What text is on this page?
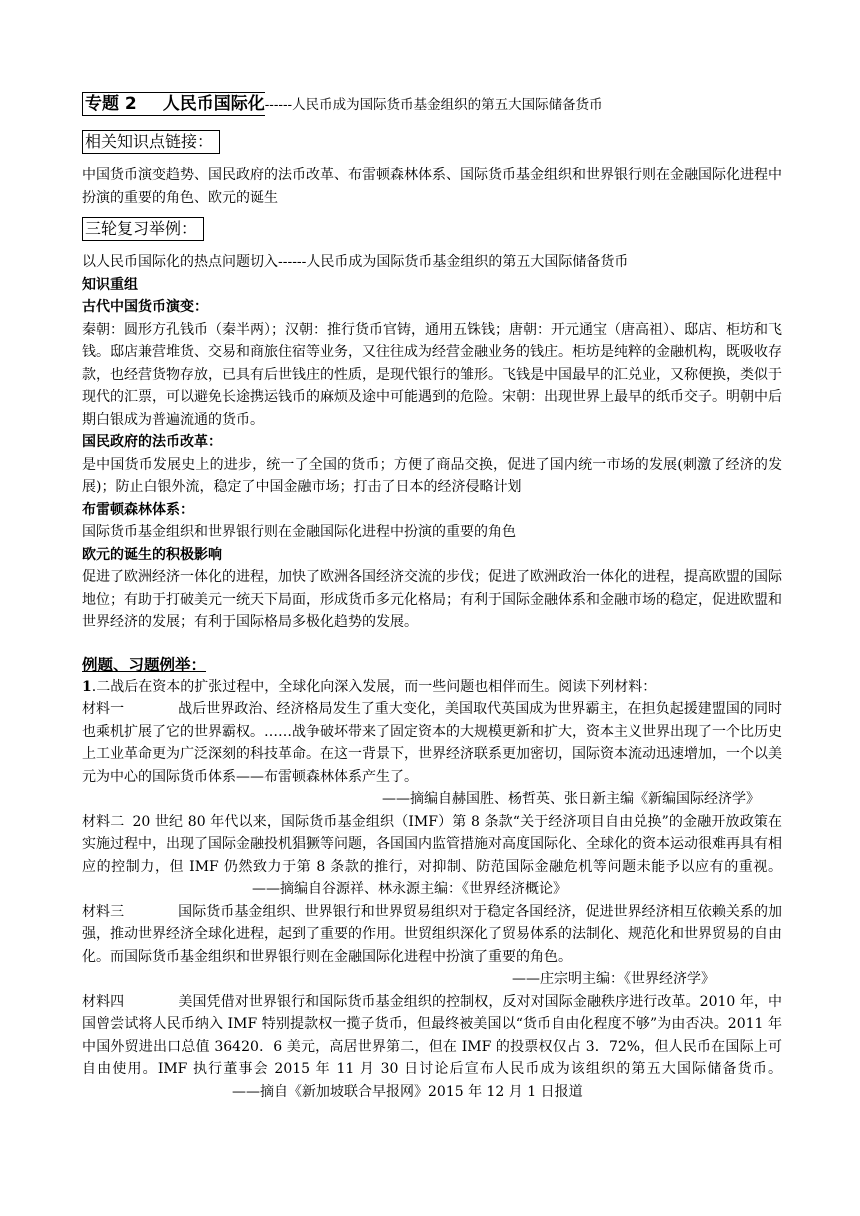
专题 2 人民币国际化------人民币成为国际货币基金组织的第五大国际储备货币
相关知识点链接：

中国货币演变趋势、国民政府的法币改革、布雷顿森林体系、国际货币基金组织和世界银行则在金融国际化进程中扮演的重要的角色、欧元的诞生

三轮复习举例：

以人民币国际化的热点问题切入------人民币成为国际货币基金组织的第五大国际储备货币

知识重组

古代中国货币演变：

秦朝：圆形方孔钱币（秦半两）；汉朝：推行货币官铸，通用五铢钱；唐朝：开元通宝（唐高祖）、邸店、柜坊和飞钱。邸店兼营堆货、交易和商旅住宿等业务，又往往成为经营金融业务的钱庄。柜坊是纯粹的金融机构，既吸收存款，也经营货物存放，已具有后世钱庄的性质，是现代银行的雏形。飞钱是中国最早的汇兑业，又称便换，类似于现代的汇票，可以避免长途携运钱币的麻烦及途中可能遇到的危险。宋朝：出现世界上最早的纸币交子。明朝中后期白银成为普遍流通的货币。

国民政府的法币改革：

是中国货币发展史上的进步，统一了全国的货币；方便了商品交换，促进了国内统一市场的发展(刺激了经济的发展)；防止白银外流，稳定了中国金融市场；打击了日本的经济侵略计划

布雷顿森林体系：

国际货币基金组织和世界银行则在金融国际化进程中扮演的重要的角色

欧元的诞生的积极影响

促进了欧洲经济一体化的进程，加快了欧洲各国经济交流的步伐；促进了欧洲政治一体化的进程，提高欧盟的国际地位；有助于打破美元一统天下局面，形成货币多元化格局；有利于国际金融体系和金融市场的稳定，促进欧盟和世界经济的发展；有利于国际格局多极化趋势的发展。

例题、习题例举：

1.二战后在资本的扩张过程中，全球化向深入发展，而一些问题也相伴而生。阅读下列材料：

材料一	战后世界政治、经济格局发生了重大变化，美国取代英国成为世界霸主，在担负起援建盟国的同时也乘机扩展了它的世界霸权。……战争破坏带来了固定资本的大规模更新和扩大，资本主义世界出现了一个比历史上工业革命更为广泛深刻的科技革命。在这一背景下，世界经济联系更加密切，国际资本流动迅速增加，一个以美元为中心的国际货币体系——布雷顿森林体系产生了。

——摘编自赫国胜、杨哲英、张日新主编《新编国际经济学》

材料二 20 世纪 80 年代以来，国际货币基金组织（IMF）第 8 条款“关于经济项目自由兑换”的金融开放政策在实施过程中，出现了国际金融投机猖獗等问题，各国国内监管措施对高度国际化、全球化的资本运动很难再具有相应的控制力，但 IMF 仍然致力于第 8 条款的推行，对抑制、防范国际金融危机等问题未能予以应有的重视。——摘编自谷源祥、林永源主编：《世界经济概论》

材料三	国际货币基金组织、世界银行和世界贸易组织对于稳定各国经济，促进世界经济相互依赖关系的加强，推动世界经济全球化进程，起到了重要的作用。世贸组织深化了贸易体系的法制化、规范化和世界贸易的自由化。而国际货币基金组织和世界银行则在金融国际化进程中扮演了重要的角色。

——庄宗明主编：《世界经济学》

材料四	美国凭借对世界银行和国际货币基金组织的控制权，反对对国际金融秩序进行改革。2010 年，中国曾尝试将人民币纳入 IMF 特别提款权一揽子货币，但最终被美国以“货币自由化程度不够”为由否决。2011 年中国外贸进出口总值 36420．6 美元，高居世界第二，但在 IMF 的投票权仅占 3．72%，但人民币在国际上可自由使用。IMF 执行董事会 2015 年 11 月 30 日讨论后宣布人民币成为该组织的第五大国际储备货币。——摘自《新加坡联合早报网》2015 年 12 月 1 日报道
